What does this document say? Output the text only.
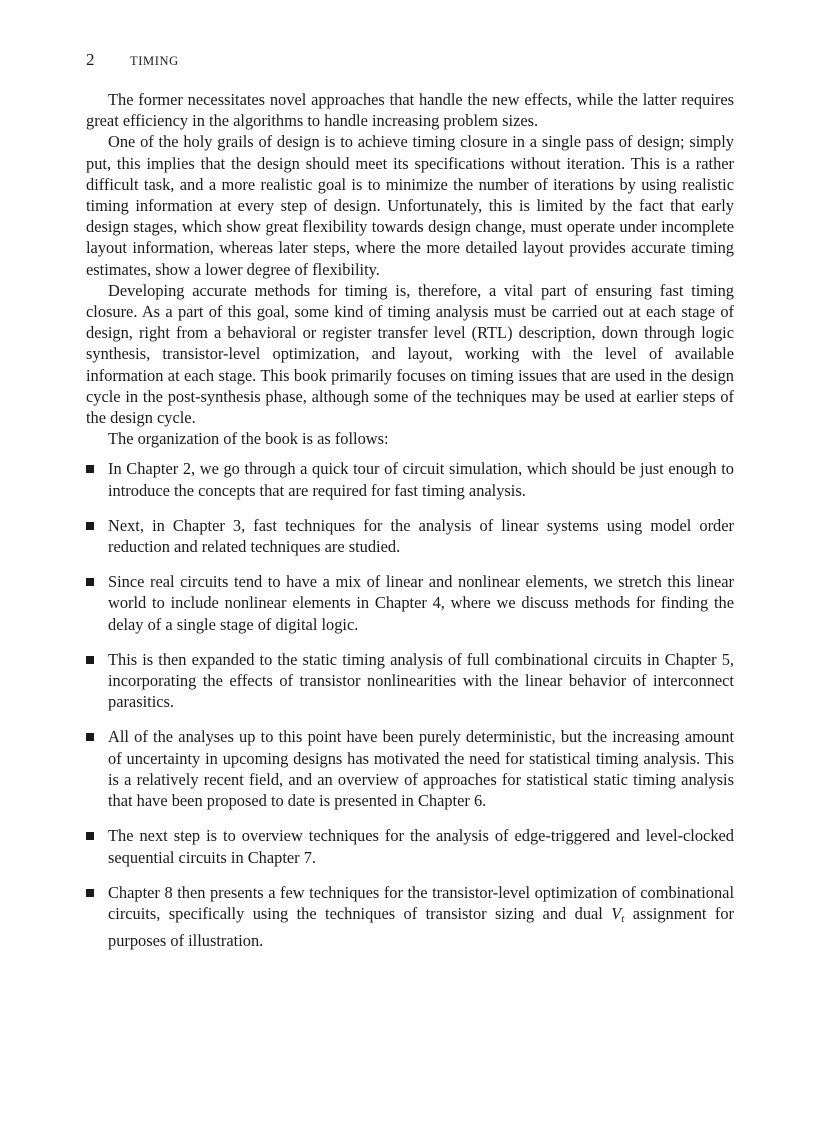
2	TIMING

The former necessitates novel approaches that handle the new effects, while the latter requires great efficiency in the algorithms to handle increasing problem sizes.

One of the holy grails of design is to achieve timing closure in a single pass of design; simply put, this implies that the design should meet its specifications without iteration. This is a rather difficult task, and a more realistic goal is to minimize the number of iterations by using realistic timing information at every step of design. Unfortunately, this is limited by the fact that early design stages, which show great flexibility towards design change, must operate under incomplete layout information, whereas later steps, where the more detailed layout provides accurate timing estimates, show a lower degree of flexibility.

Developing accurate methods for timing is, therefore, a vital part of ensuring fast timing closure. As a part of this goal, some kind of timing analysis must be carried out at each stage of design, right from a behavioral or register transfer level (RTL) description, down through logic synthesis, transistor-level optimization, and layout, working with the level of available information at each stage. This book primarily focuses on timing issues that are used in the design cycle in the post-synthesis phase, although some of the techniques may be used at earlier steps of the design cycle.

The organization of the book is as follows:

In Chapter 2, we go through a quick tour of circuit simulation, which should be just enough to introduce the concepts that are required for fast timing analysis.
Next, in Chapter 3, fast techniques for the analysis of linear systems using model order reduction and related techniques are studied.
Since real circuits tend to have a mix of linear and nonlinear elements, we stretch this linear world to include nonlinear elements in Chapter 4, where we discuss methods for finding the delay of a single stage of digital logic.
This is then expanded to the static timing analysis of full combinational circuits in Chapter 5, incorporating the effects of transistor nonlinearities with the linear behavior of interconnect parasitics.
All of the analyses up to this point have been purely deterministic, but the increasing amount of uncertainty in upcoming designs has motivated the need for statistical timing analysis. This is a relatively recent field, and an overview of approaches for statistical static timing analysis that have been proposed to date is presented in Chapter 6.
The next step is to overview techniques for the analysis of edge-triggered and level-clocked sequential circuits in Chapter 7.
Chapter 8 then presents a few techniques for the transistor-level optimization of combinational circuits, specifically using the techniques of transistor sizing and dual Vt assignment for purposes of illustration.
